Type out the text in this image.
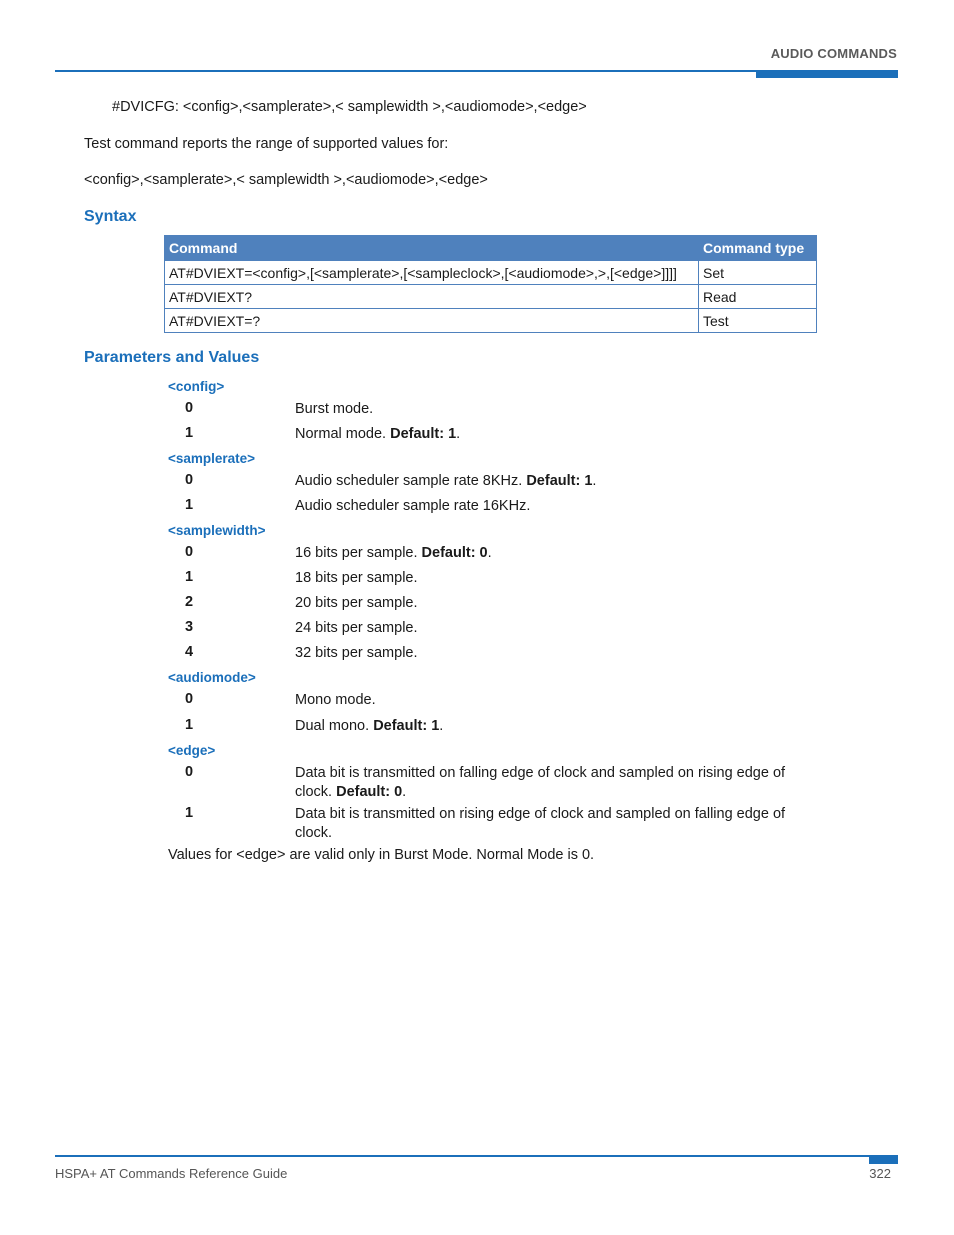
AUDIO COMMANDS
#DVICFG: <config>,<samplerate>,< samplewidth >,<audiomode>,<edge>
Test command reports the range of supported values for:
<config>,<samplerate>,< samplewidth >,<audiomode>,<edge>
Syntax
Command	Command type
AT#DVIEXT=<config>,[<samplerate>,[<sampleclock>,[<audiomode>,>,[<edge>]]]]	Set
AT#DVIEXT?	Read
AT#DVIEXT=?	Test
Parameters and Values
<config>
0	Burst mode.
1	Normal mode. Default: 1.
<samplerate>
0	Audio scheduler sample rate 8KHz. Default: 1.
1	Audio scheduler sample rate 16KHz.
<samplewidth>
0	16 bits per sample. Default: 0.
1	18 bits per sample.
2	20 bits per sample.
3	24 bits per sample.
4	32 bits per sample.
<audiomode>
0	Mono mode.
1	Dual mono. Default: 1.
<edge>
0	Data bit is transmitted on falling edge of clock and sampled on rising edge of clock. Default: 0.
1	Data bit is transmitted on rising edge of clock and sampled on falling edge of clock.
Values for <edge> are valid only in Burst Mode. Normal Mode is 0.
HSPA+ AT Commands Reference Guide	322
